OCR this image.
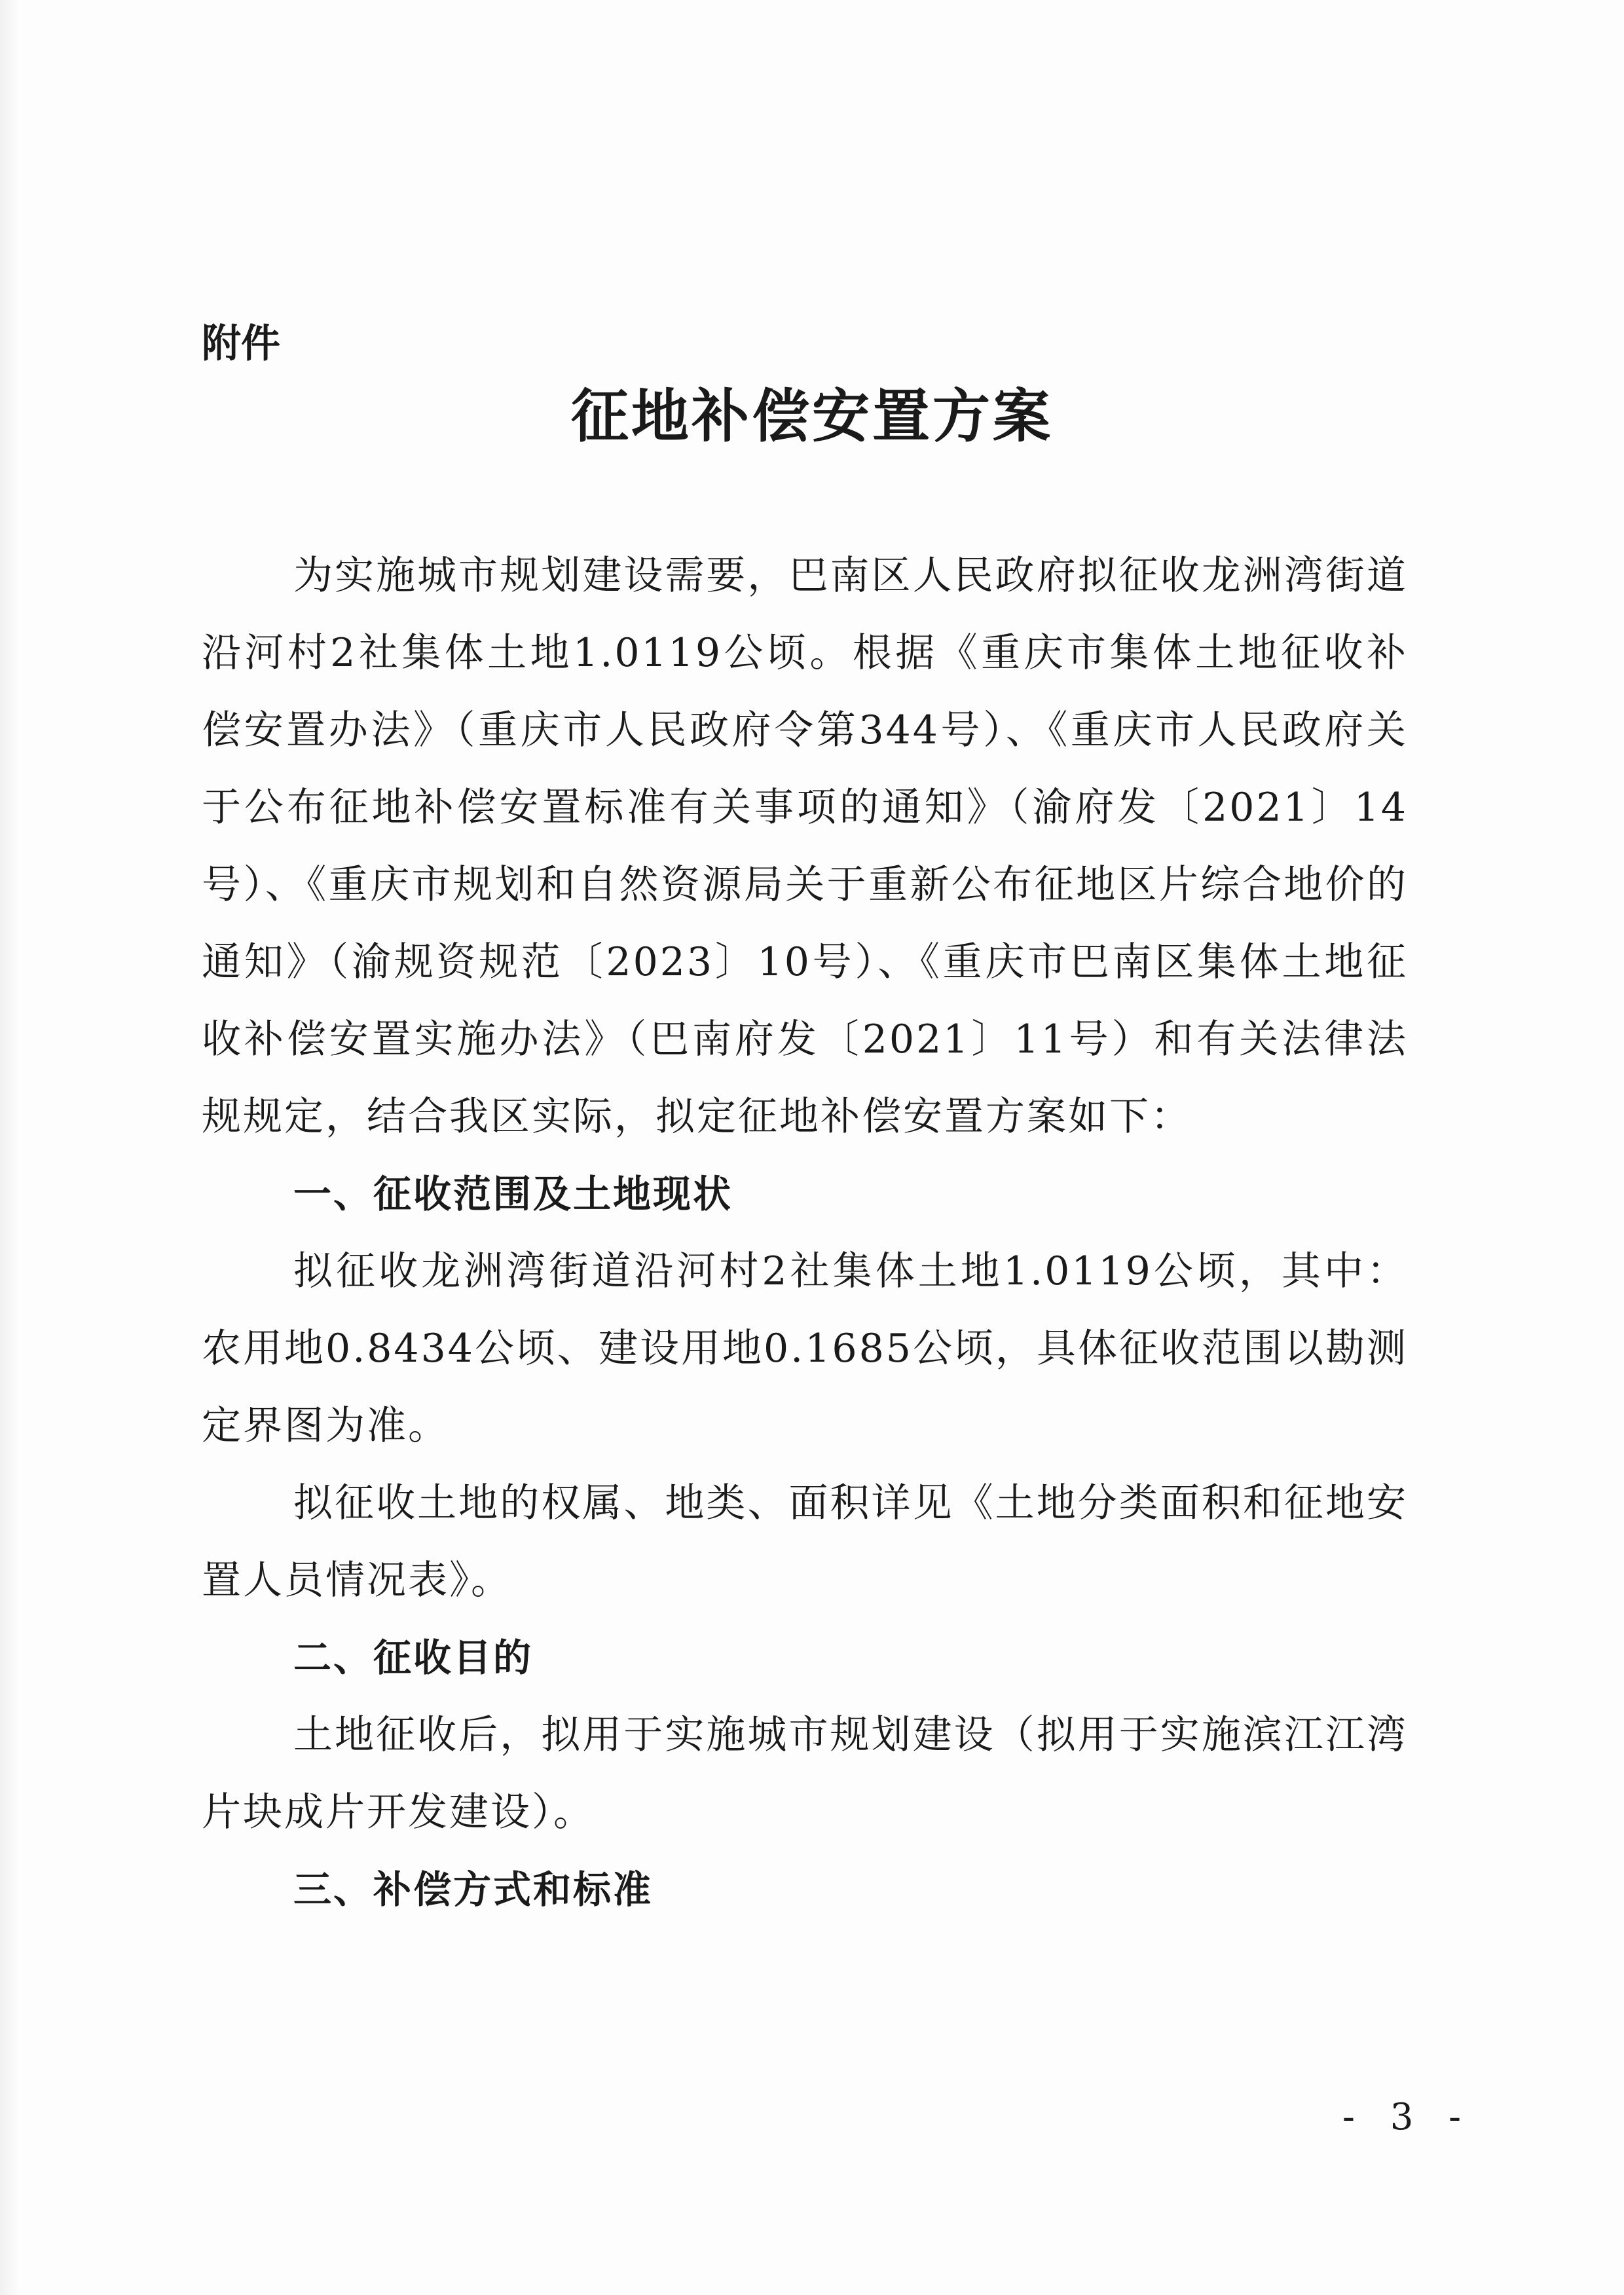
附件

征地补偿安置方案

为实施城市规划建设需要，巴南区人民政府拟征收龙洲湾街道沿河村2社集体土地1.0119公顷。根据《重庆市集体土地征收补偿安置办法》（重庆市人民政府令第344号）、《重庆市人民政府关于公布征地补偿安置标准有关事项的通知》（渝府发〔2021〕14号）、《重庆市规划和自然资源局关于重新公布征地区片综合地价的通知》（渝规资规范〔2023〕10号）、《重庆市巴南区集体土地征收补偿安置实施办法》（巴南府发〔2021〕11号）和有关法律法规规定，结合我区实际，拟定征地补偿安置方案如下：

一、征收范围及土地现状

拟征收龙洲湾街道沿河村2社集体土地1.0119公顷，其中：农用地0.8434公顷、建设用地0.1685公顷，具体征收范围以勘测定界图为准。

拟征收土地的权属、地类、面积详见《土地分类面积和征地安置人员情况表》。

二、征收目的

土地征收后，拟用于实施城市规划建设（拟用于实施滨江江湾片块成片开发建设）。

三、补偿方式和标准

- 3 -
